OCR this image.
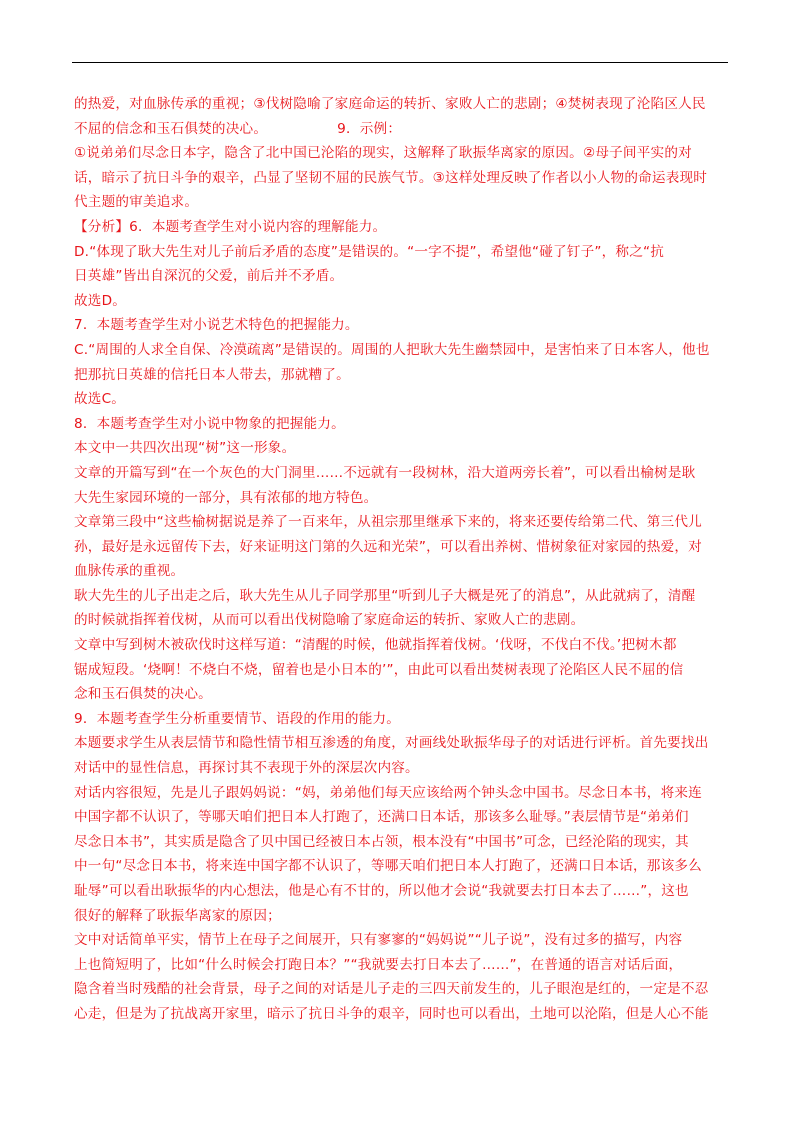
的热爱，对血脉传承的重视；③伐树隐喻了家庭命运的转折、家败人亡的悲剧；④焚树表现了沦陷区人民
不屈的信念和玉石俱焚的决心。	9．示例：
①说弟弟们尽念日本字，隐含了北中国已沦陷的现实，这解释了耿振华离家的原因。②母子间平实的对
话，暗示了抗日斗争的艰辛，凸显了坚韧不屈的民族气节。③这样处理反映了作者以小人物的命运表现时
代主题的审美追求。
【分析】6．本题考查学生对小说内容的理解能力。
D.“体现了耿大先生对儿子前后矛盾的态度”是错误的。“一字不提”，希望他“碰了钉子”，称之“抗
日英雄”皆出自深沉的父爱，前后并不矛盾。
故选D。
7．本题考查学生对小说艺术特色的把握能力。
C.“周围的人求全自保、冷漠疏离”是错误的。周围的人把耿大先生幽禁园中，是害怕来了日本客人，他也
把那抗日英雄的信托日本人带去，那就糟了。
故选C。
8．本题考查学生对小说中物象的把握能力。
本文中一共四次出现“树”这一形象。
文章的开篇写到“在一个灰色的大门洞里……不远就有一段树林，沿大道两旁长着”，可以看出榆树是耿
大先生家园环境的一部分，具有浓郁的地方特色。
文章第三段中“这些榆树据说是养了一百来年，从祖宗那里继承下来的，将来还要传给第二代、第三代儿
孙，最好是永远留传下去，好来证明这门第的久远和光荣”，可以看出养树、惜树象征对家园的热爱，对
血脉传承的重视。
耿大先生的儿子出走之后，耿大先生从儿子同学那里“听到儿子大概是死了的消息”，从此就病了，清醒
的时候就指挥着伐树，从而可以看出伐树隐喻了家庭命运的转折、家败人亡的悲剧。
文章中写到树木被砍伐时这样写道：“清醒的时候，他就指挥着伐树。‘伐呀，不伐白不伐。’把树木都
锯成短段。‘烧啊！不烧白不烧，留着也是小日本的’”，由此可以看出焚树表现了沦陷区人民不屈的信
念和玉石俱焚的决心。
9．本题考查学生分析重要情节、语段的作用的能力。
本题要求学生从表层情节和隐性情节相互渗透的角度，对画线处耿振华母子的对话进行评析。首先要找出
对话中的显性信息，再探讨其不表现于外的深层次内容。
对话内容很短，先是儿子跟妈妈说：“妈，弟弟他们每天应该给两个钟头念中国书。尽念日本书，将来连
中国字都不认识了，等哪天咱们把日本人打跑了，还满口日本话，那该多么耻辱。”表层情节是“弟弟们
尽念日本书”，其实质是隐含了贝中国已经被日本占领，根本没有“中国书”可念，已经沦陷的现实，其
中一句“尽念日本书，将来连中国字都不认识了，等哪天咱们把日本人打跑了，还满口日本话，那该多么
耻辱”可以看出耿振华的内心想法，他是心有不甘的，所以他才会说“我就要去打日本去了……”，这也
很好的解释了耿振华离家的原因；
文中对话简单平实，情节上在母子之间展开，只有寥寥的“妈妈说”“儿子说”，没有过多的描写，内容
上也简短明了，比如“什么时候会打跑日本？”“我就要去打日本去了……”，在普通的语言对话后面，
隐含着当时残酷的社会背景，母子之间的对话是儿子走的三四天前发生的，儿子眼泡是红的，一定是不忍
心走，但是为了抗战离开家里，暗示了抗日斗争的艰辛，同时也可以看出，土地可以沦陷，但是人心不能
